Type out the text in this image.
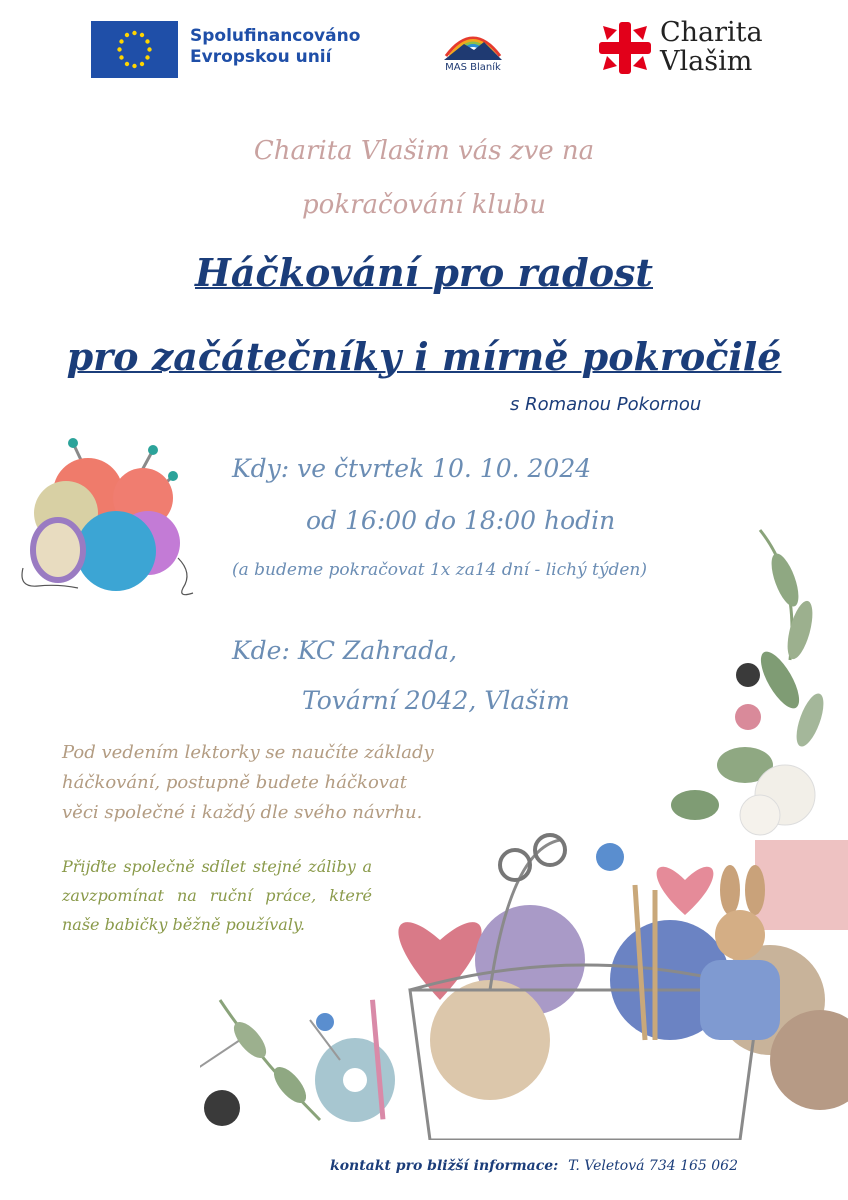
Spolufinancováno
Evropskou unií
MAS Blaník
Charita
Vlašim
Charita Vlašim vás zve na
pokračování klubu
Háčkování pro radost
pro začátečníky i mírně pokročilé
s Romanou Pokornou
Kdy: ve čtvrtek 10. 10. 2024
od 16:00 do 18:00 hodin
(a budeme pokračovat 1x za14 dní - lichý týden)
Kde: KC Zahrada,
Tovární 2042, Vlašim
Pod vedením lektorky se naučíte základy
háčkování, postupně budete háčkovat
věci společné i každý dle svého návrhu.
Přijďte společně sdílet stejné záliby a zavzpomínat na ruční práce, které naše babičky běžně používaly.
kontakt pro bližší informace: T. Veletová 734 165 062
